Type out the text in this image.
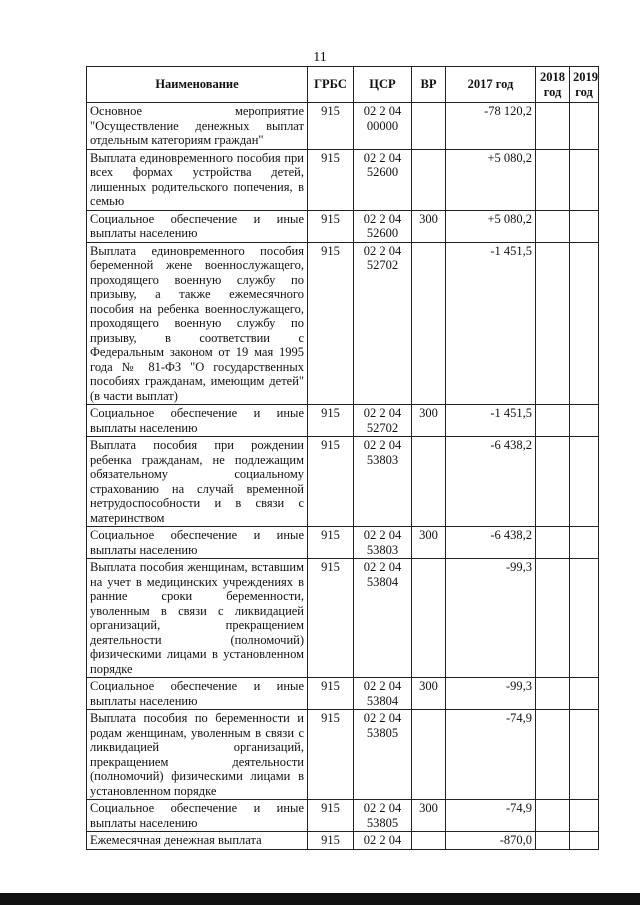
11
Наименование	ГРБС	ЦСР	ВР	2017 год	2018 год	2019 год
Основное мероприятие "Осуществление денежных выплат отдельным категориям граждан"	915	02 2 04 00000		-78 120,2		
Выплата единовременного пособия при всех формах устройства детей, лишенных родительского попечения, в семью	915	02 2 04 52600		+5 080,2		
Социальное обеспечение и иные выплаты населению	915	02 2 04 52600	300	+5 080,2		
Выплата единовременного пособия беременной жене военнослужащего, проходящего военную службу по призыву, а также ежемесячного пособия на ребенка военнослужащего, проходящего военную службу по призыву, в соответствии с Федеральным законом от 19 мая 1995 года № 81-ФЗ "О государственных пособиях гражданам, имеющим детей" (в части выплат)	915	02 2 04 52702		-1 451,5		
Социальное обеспечение и иные выплаты населению	915	02 2 04 52702	300	-1 451,5		
Выплата пособия при рождении ребенка гражданам, не подлежащим обязательному социальному страхованию на случай временной нетрудоспособности и в связи с материнством	915	02 2 04 53803		-6 438,2		
Социальное обеспечение и иные выплаты населению	915	02 2 04 53803	300	-6 438,2		
Выплата пособия женщинам, вставшим на учет в медицинских учреждениях в ранние сроки беременности, уволенным в связи с ликвидацией организаций, прекращением деятельности (полномочий) физическими лицами в установленном порядке	915	02 2 04 53804		-99,3		
Социальное обеспечение и иные выплаты населению	915	02 2 04 53804	300	-99,3		
Выплата пособия по беременности и родам женщинам, уволенным в связи с ликвидацией организаций, прекращением деятельности (полномочий) физическими лицами в установленном порядке	915	02 2 04 53805		-74,9		
Социальное обеспечение и иные выплаты населению	915	02 2 04 53805	300	-74,9		
Ежемесячная денежная выплата	915	02 2 04		-870,0		
